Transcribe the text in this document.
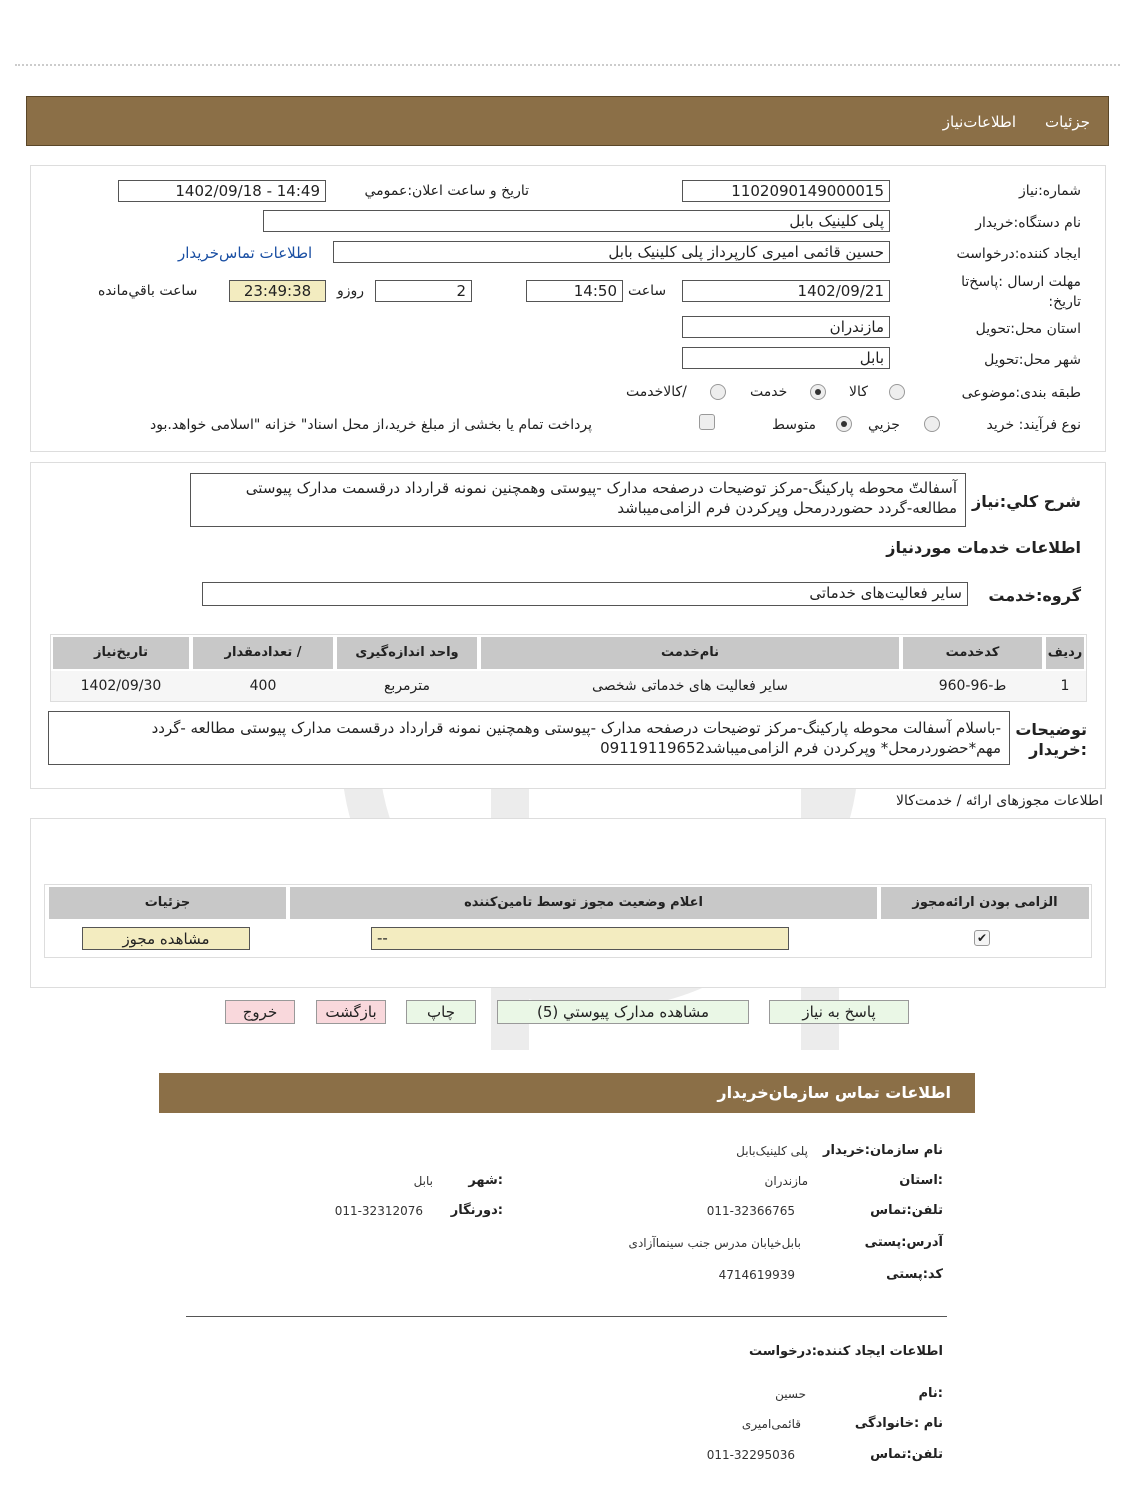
جزئیات
اطلاعات‌نیاز
شماره:نیاز
1102090149000015
تاریخ و ساعت اعلان:عمومي
1402/09/18 - 14:49
نام دستگاه:خریدار
پلی کلینیک بابل
ایجاد کننده:درخواست
حسین قائمی امیری کارپرداز پلی کلینیک بابل
اطلاعات تماس‌خریدار
مهلت ارسال :پاسخ‌تا تاریخ:
1402/09/21
ساعت
14:50
2
روزو
23:49:38
ساعت باقي‌مانده
استان محل:تحویل
مازندران
شهر محل:تحویل
بابل
طبقه بندی:موضوعی
کالا
خدمت
/کالاخدمت
نوع فرآیند: خرید
جزيي
متوسط
پرداخت تمام یا بخشی از مبلغ خرید،از محل اسناد" خزانه "اسلامی خواهد.بود
شرح کلي:نیاز
آسفالتّ محوطه پارکینگ-مرکز توضیحات درصفحه مدارک -پیوستی وهمچنین نمونه قرارداد درقسمت مدارک پیوستی مطالعه-گردد حضوردرمحل وپرکردن فرم الزامی‌میباشد
اطلاعات خدمات موردنیاز
گروه:خدمت
سایر فعالیت‌های خدماتی
ردیف
کدخدمت
نام‌خدمت
واحد اندازه‌گیری
/ تعدادمقدار
تاریخ‌نیاز
1
ط-96-960
سایر فعالیت های خدماتی شخصی
مترمربع
400
1402/09/30
توضیحات :خریدار
-باسلام آسفالت محوطه پارکینگ-مرکز توضیحات درصفحه مدارک -پیوستی وهمچنین نمونه قرارداد درقسمت مدارک پیوستی مطالعه -گردد مهم*حضوردرمحل* وپرکردن فرم الزامی‌میباشد09119119652
اطلاعات مجوزهای ارائه / خدمت‌کالا
الزامی بودن ارائه‌مجوز
اعلام وضعیت مجوز توسط تامین‌کننده
جزئیات
✔
--
مشاهده مجوز
پاسخ به نیاز
مشاهده مدارک پیوستي (5)
چاپ
بازگشت
خروج
اطلاعات تماس سازمان‌خریدار
نام سازمان:خریدار
پلی کلینیک‌بابل
:استان
مازندران
:شهر
بابل
تلفن:تماس
011-32366765
:دورنگار
011-32312076
آدرس:پستی
بابل‌خیابان مدرس جنب سینماآزادی
کد:پستی
4714619939
اطلاعات ایجاد کننده:درخواست
:نام
حسین
نام :خانوادگی
قائمی‌امیری
تلفن:تماس
011-32295036
